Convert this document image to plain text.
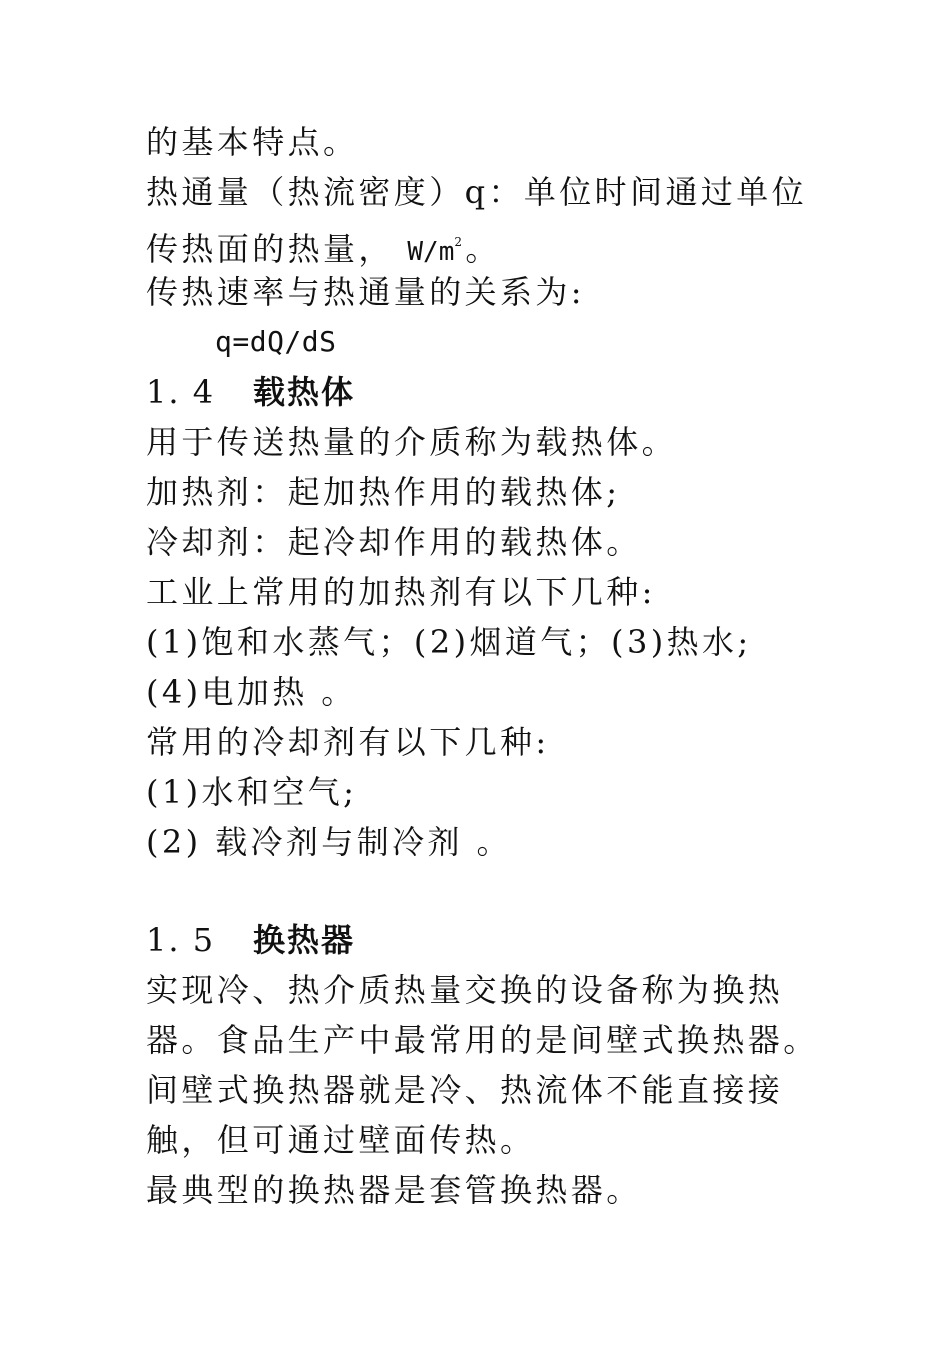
的基本特点。
热通量（热流密度）q：单位时间通过单位
传热面的热量， $W/m^2$。
传热速率与热通量的关系为:
q=dQ/dS
1. 4 载热体
用于传送热量的介质称为载热体。
加热剂：起加热作用的载热体;
冷却剂：起冷却作用的载热体。
工业上常用的加热剂有以下几种:
(1)饱和水蒸气；(2)烟道气；(3)热水;
(4)电加热 。
常用的冷却剂有以下几种:
(1)水和空气;
(2) 载冷剂与制冷剂 。
1. 5 换热器
实现冷、热介质热量交换的设备称为换热
器。食品生产中最常用的是间壁式换热器。
间壁式换热器就是冷、热流体不能直接接
触，但可通过壁面传热。
最典型的换热器是套管换热器。
